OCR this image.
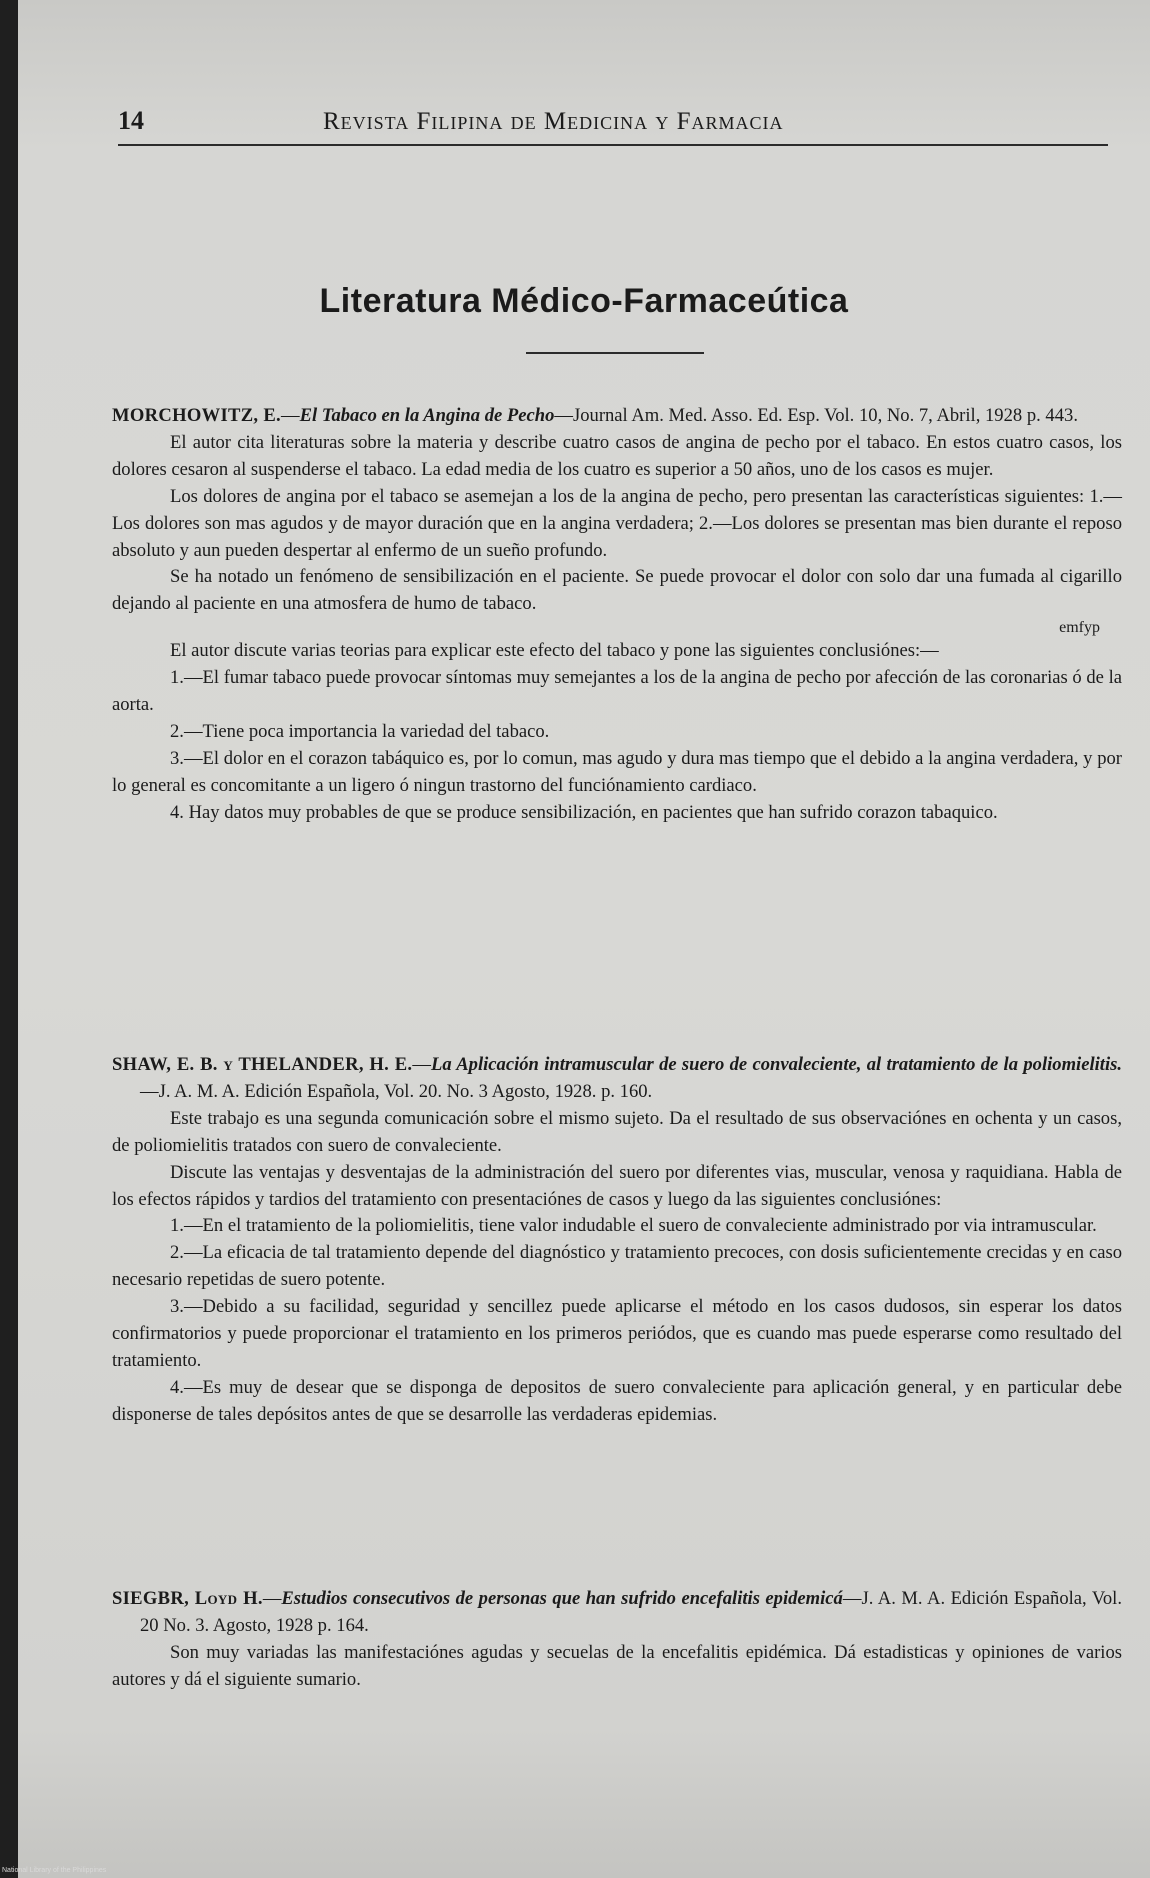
14	Revista Filipina de Medicina y Farmacia
Literatura Médico-Farmaceútica

MORCHOWITZ, E.—El Tabaco en la Angina de Pecho—Journal Am. Med. Asso. Ed. Esp. Vol. 10, No. 7, Abril, 1928 p. 443.

El autor cita literaturas sobre la materia y describe cuatro casos de angina de pecho por el tabaco. En estos cuatro casos, los dolores cesaron al suspenderse el tabaco. La edad media de los cuatro es superior a 50 años, uno de los casos es mujer.

Los dolores de angina por el tabaco se asemejan a los de la angina de pecho, pero presentan las características siguientes: 1.—Los dolores son mas agudos y de mayor duración que en la angina verdadera; 2.—Los dolores se presentan mas bien durante el reposo absoluto y aun pueden despertar al enfermo de un sueño profundo.

Se ha notado un fenómeno de sensibilización en el paciente. Se puede provocar el dolor con solo dar una fumada al cigarillo dejando al paciente en una atmosfera de humo de tabaco.

emfyp

El autor discute varias teorias para explicar este efecto del tabaco y pone las siguientes conclusiónes:—

1.—El fumar tabaco puede provocar síntomas muy semejantes a los de la angina de pecho por afección de las coronarias ó de la aorta.

2.—Tiene poca importancia la variedad del tabaco.

3.—El dolor en el corazon tabáquico es, por lo comun, mas agudo y dura mas tiempo que el debido a la angina verdadera, y por lo general es concomitante a un ligero ó ningun trastorno del funciónamiento cardiaco.

4. Hay datos muy probables de que se produce sensibilización, en pacientes que han sufrido corazon tabaquico.

SHAW, E. B. y THELANDER, H. E.—La Aplicación intramuscular de suero de convaleciente, al tratamiento de la poliomielitis.—J. A. M. A. Edición Española, Vol. 20. No. 3 Agosto, 1928. p. 160.

Este trabajo es una segunda comunicación sobre el mismo sujeto. Da el resultado de sus observaciónes en ochenta y un casos, de poliomielitis tratados con suero de convaleciente.

Discute las ventajas y desventajas de la administración del suero por diferentes vias, muscular, venosa y raquidiana. Habla de los efectos rápidos y tardios del tratamiento con presentaciónes de casos y luego da las siguientes conclusiónes:

1.—En el tratamiento de la poliomielitis, tiene valor indudable el suero de convaleciente administrado por via intramuscular.

2.—La eficacia de tal tratamiento depende del diagnóstico y tratamiento precoces, con dosis suficientemente crecidas y en caso necesario repetidas de suero potente.

3.—Debido a su facilidad, seguridad y sencillez puede aplicarse el método en los casos dudosos, sin esperar los datos confirmatorios y puede proporcionar el tratamiento en los primeros periódos, que es cuando mas puede esperarse como resultado del tratamiento.

4.—Es muy de desear que se disponga de depositos de suero convaleciente para aplicación general, y en particular debe disponerse de tales depósitos antes de que se desarrolle las verdaderas epidemias.

SIEGBR, Loyd H.—Estudios consecutivos de personas que han sufrido encefalitis epidemicá—J. A. M. A. Edición Española, Vol. 20 No. 3. Agosto, 1928 p. 164.

Son muy variadas las manifestaciónes agudas y secuelas de la encefalitis epidémica. Dá estadisticas y opiniones de varios autores y dá el siguiente sumario.

National Library of the Philippines
